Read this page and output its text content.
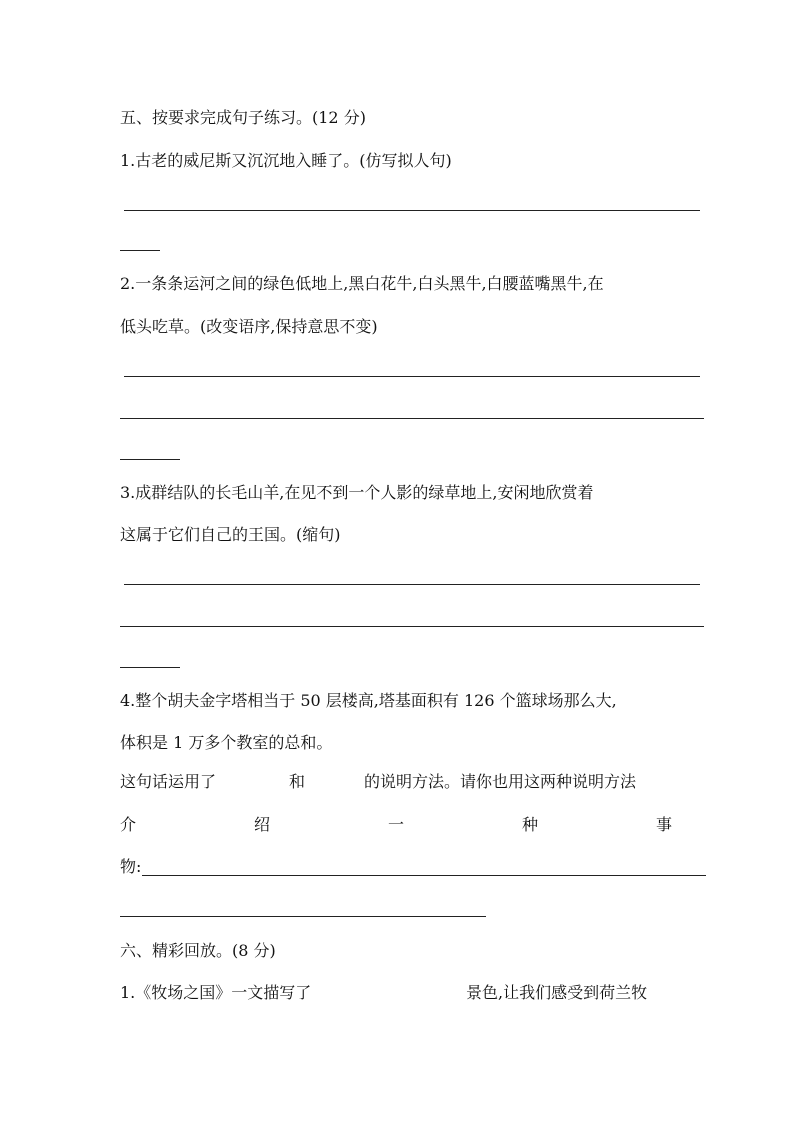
五、按要求完成句子练习。(12 分)
1.古老的威尼斯又沉沉地入睡了。(仿写拟人句)
2.一条条运河之间的绿色低地上,黑白花牛,白头黑牛,白腰蓝嘴黑牛,在
低头吃草。(改变语序,保持意思不变)
3.成群结队的长毛山羊,在见不到一个人影的绿草地上,安闲地欣赏着
这属于它们自己的王国。(缩句)
4.整个胡夫金字塔相当于 50 层楼高,塔基面积有 126 个篮球场那么大,
体积是 1 万多个教室的总和。
这句话运用了	和	的说明方法。请你也用这两种说明方法
介	绍	一	种	事
物:
六、精彩回放。(8 分)
1.《牧场之国》一文描写了	景色,让我们感受到荷兰牧
